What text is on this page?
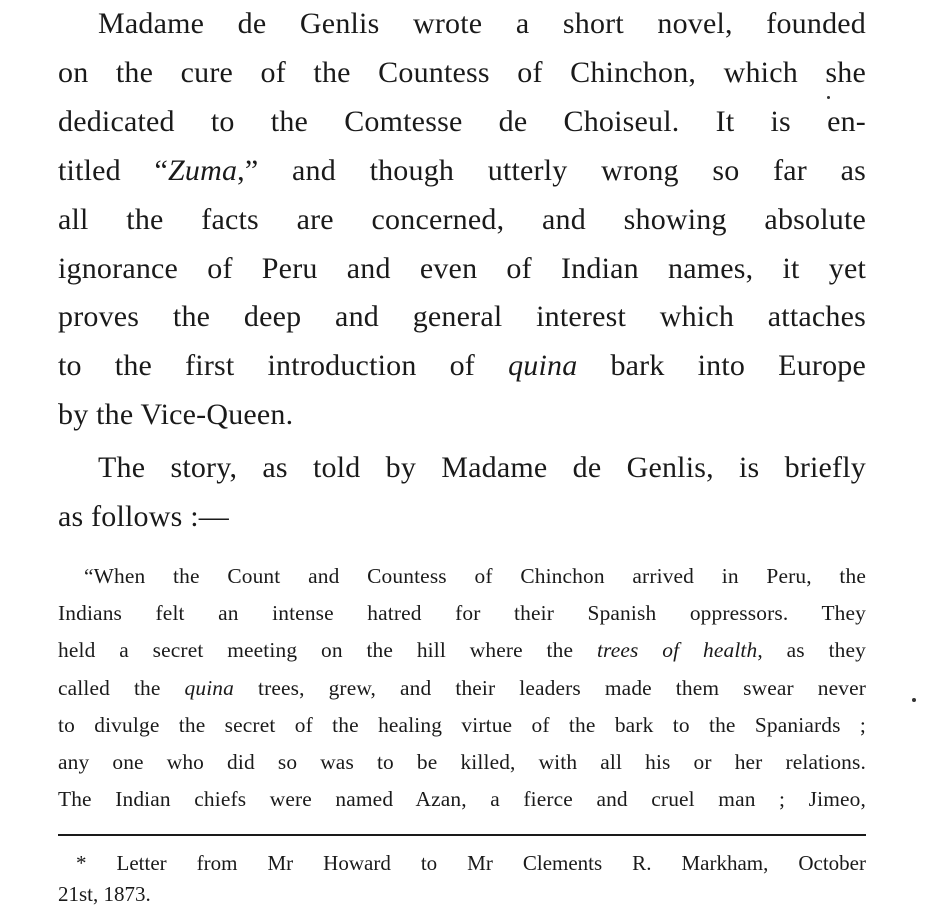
Madame de Genlis wrote a short novel, founded
on the cure of the Countess of Chinchon, which she
dedicated to the Comtesse de Choiseul. It is en-
titled “Zuma,” and though utterly wrong so far as
all the facts are concerned, and showing absolute
ignorance of Peru and even of Indian names, it yet
proves the deep and general interest which attaches
to the first introduction of quina bark into Europe
by the Vice-Queen.
The story, as told by Madame de Genlis, is briefly
as follows :—
“When the Count and Countess of Chinchon arrived in Peru, the
Indians felt an intense hatred for their Spanish oppressors. They
held a secret meeting on the hill where the trees of health, as they
called the quina trees, grew, and their leaders made them swear never
to divulge the secret of the healing virtue of the bark to the Spaniards ;
any one who did so was to be killed, with all his or her relations.
The Indian chiefs were named Azan, a fierce and cruel man ; Jimeo,
* Letter from Mr Howard to Mr Clements R. Markham, October
21st, 1873.
